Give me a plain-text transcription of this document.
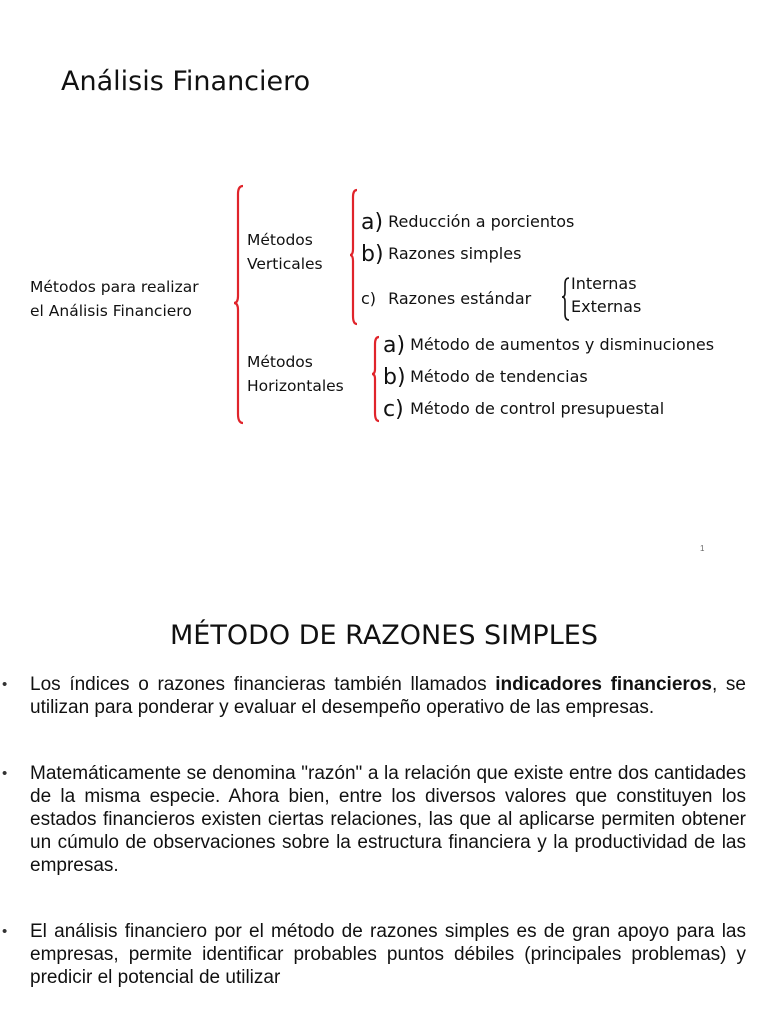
Análisis Financiero
Métodos para realizar
el Análisis Financiero
Métodos
Verticales
a) Reducción a porcientos
b) Razones simples
c) Razones estándar
Internas
Externas
Métodos
Horizontales
a) Método de aumentos y disminuciones
b) Método de tendencias
c) Método de control presupuestal
1
MÉTODO DE RAZONES SIMPLES
• Los índices o razones financieras también llamados indicadores financieros, se utilizan para ponderar y evaluar el desempeño operativo de las empresas.
• Matemáticamente se denomina "razón" a la relación que existe entre dos cantidades de la misma especie. Ahora bien, entre los diversos valores que constituyen los estados financieros existen ciertas relaciones, las que al aplicarse permiten obtener un cúmulo de observaciones sobre la estructura financiera y la productividad de las empresas.
• El análisis financiero por el método de razones simples es de gran apoyo para las empresas, permite identificar probables puntos débiles (principales problemas) y predicir el potencial de utilizar
